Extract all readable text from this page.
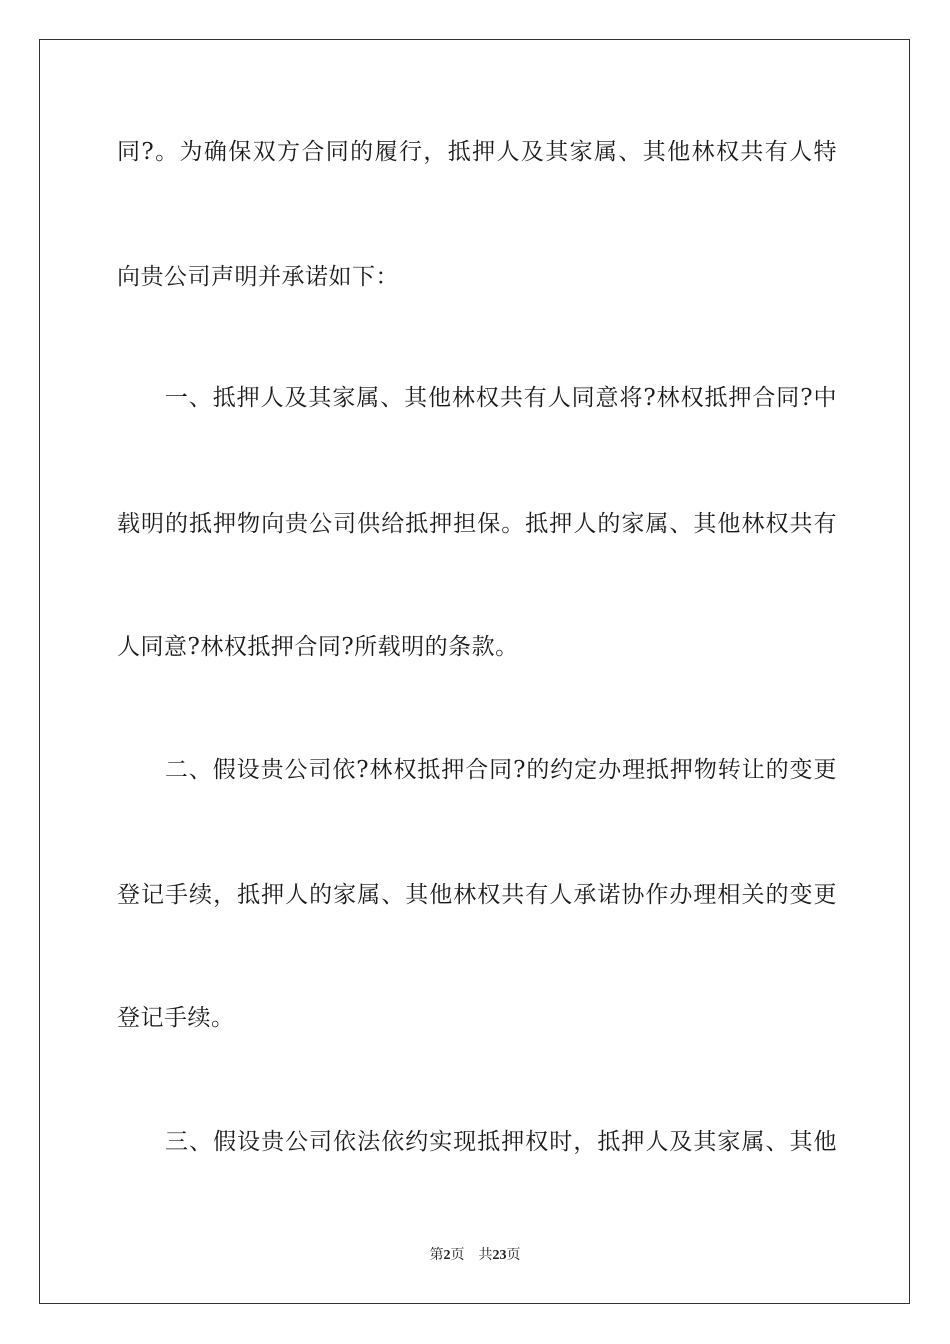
同?。为确保双方合同的履行，抵押人及其家属、其他林权共有人特
向贵公司声明并承诺如下：
　　一、抵押人及其家属、其他林权共有人同意将?林权抵押合同?中
载明的抵押物向贵公司供给抵押担保。抵押人的家属、其他林权共有
人同意?林权抵押合同?所载明的条款。
　　二、假设贵公司依?林权抵押合同?的约定办理抵押物转让的变更
登记手续，抵押人的家属、其他林权共有人承诺协作办理相关的变更
登记手续。
　　三、假设贵公司依法依约实现抵押权时，抵押人及其家属、其他
第2页 共23页
